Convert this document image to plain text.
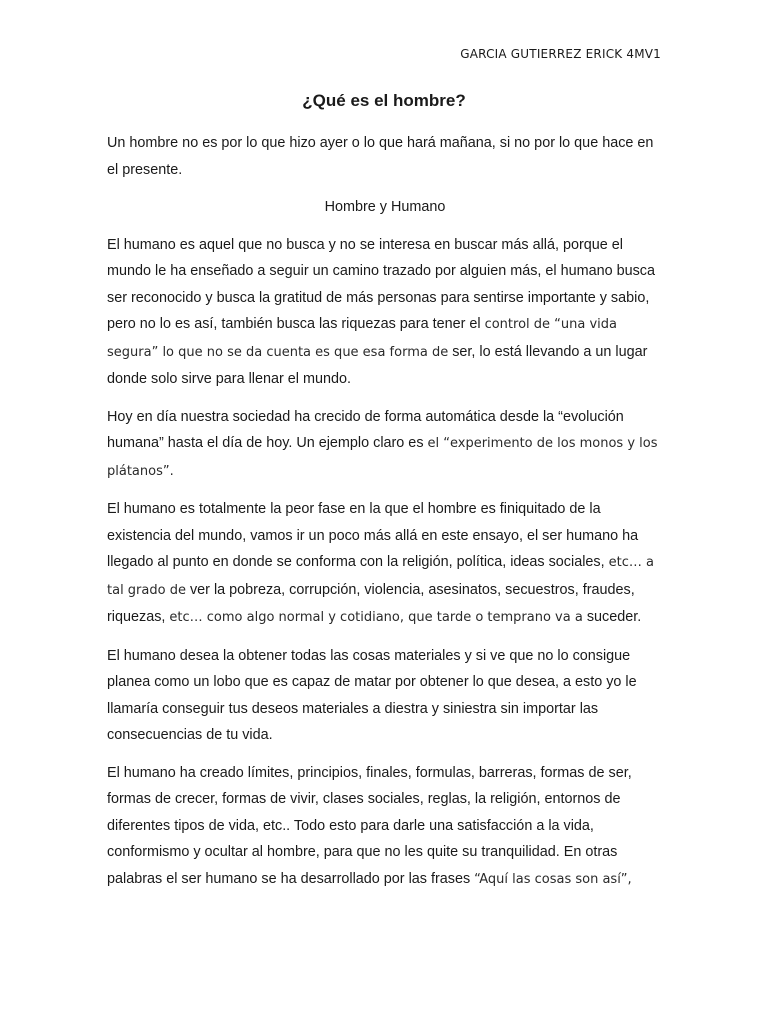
GARCIA GUTIERREZ ERICK 4MV1
¿Qué es el hombre?

Un hombre no es por lo que hizo ayer o lo que hará mañana, si no por lo que hace en el presente.

Hombre y Humano

El humano es aquel que no busca y no se interesa en buscar más allá, porque el mundo le ha enseñado a seguir un camino trazado por alguien más, el humano busca ser reconocido y busca la gratitud de más personas para sentirse importante y sabio, pero no lo es así, también busca las riquezas para tener el control de “una vida segura” lo que no se da cuenta es que esa forma de ser, lo está llevando a un lugar donde solo sirve para llenar el mundo.

Hoy en día nuestra sociedad ha crecido de forma automática desde la “evolución humana” hasta el día de hoy. Un ejemplo claro es el “experimento de los monos y los plátanos”.

El humano es totalmente la peor fase en la que el hombre es finiquitado de la existencia del mundo, vamos ir un poco más allá en este ensayo, el ser humano ha llegado al punto en donde se conforma con la religión, política, ideas sociales, etc… a tal grado de ver la pobreza, corrupción, violencia, asesinatos, secuestros, fraudes, riquezas, etc… como algo normal y cotidiano, que tarde o temprano va a suceder.

El humano desea la obtener todas las cosas materiales y si ve que no lo consigue planea como un lobo que es capaz de matar por obtener lo que desea, a esto yo le llamaría conseguir tus deseos materiales a diestra y siniestra sin importar las consecuencias de tu vida.

El humano ha creado límites, principios, finales, formulas, barreras, formas de ser, formas de crecer, formas de vivir, clases sociales, reglas, la religión, entornos de diferentes tipos de vida, etc.. Todo esto para darle una satisfacción a la vida, conformismo y ocultar al hombre, para que no les quite su tranquilidad. En otras palabras el ser humano se ha desarrollado por las frases “Aquí las cosas son así”,
